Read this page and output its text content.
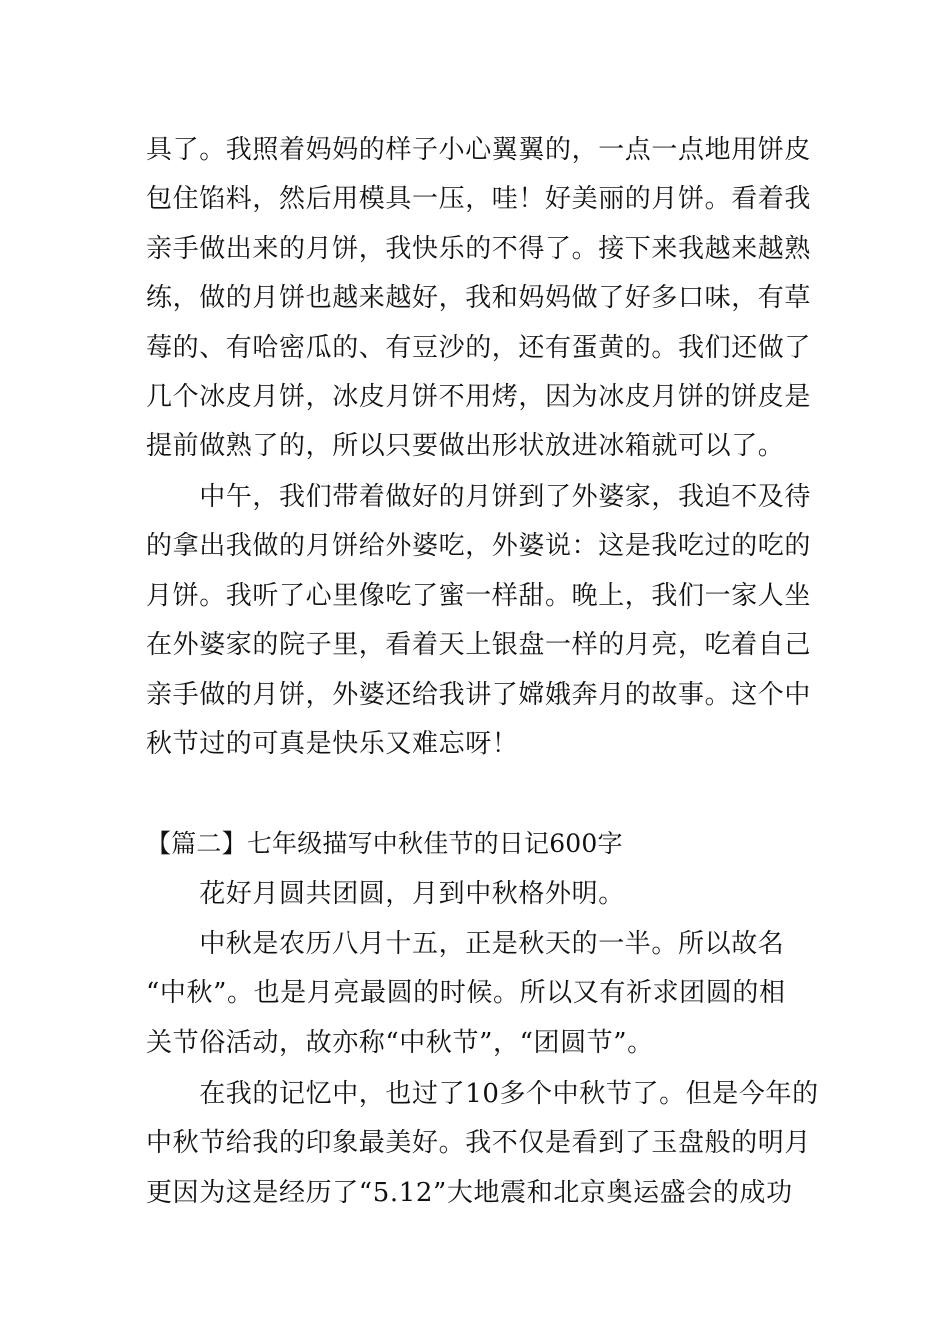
具了。我照着妈妈的样子小心翼翼的，一点一点地用饼皮
包住馅料，然后用模具一压，哇！好美丽的月饼。看着我
亲手做出来的月饼，我快乐的不得了。接下来我越来越熟
练，做的月饼也越来越好，我和妈妈做了好多口味，有草
莓的、有哈密瓜的、有豆沙的，还有蛋黄的。我们还做了
几个冰皮月饼，冰皮月饼不用烤，因为冰皮月饼的饼皮是
提前做熟了的，所以只要做出形状放进冰箱就可以了。
　　中午，我们带着做好的月饼到了外婆家，我迫不及待
的拿出我做的月饼给外婆吃，外婆说：这是我吃过的吃的
月饼。我听了心里像吃了蜜一样甜。晚上，我们一家人坐
在外婆家的院子里，看着天上银盘一样的月亮，吃着自己
亲手做的月饼，外婆还给我讲了嫦娥奔月的故事。这个中
秋节过的可真是快乐又难忘呀！
【篇二】七年级描写中秋佳节的日记600字
　　花好月圆共团圆，月到中秋格外明。
　　中秋是农历八月十五，正是秋天的一半。所以故名
“中秋”。也是月亮最圆的时候。所以又有祈求团圆的相
关节俗活动，故亦称“中秋节”，“团圆节”。
　　在我的记忆中，也过了10多个中秋节了。但是今年的
中秋节给我的印象最美好。我不仅是看到了玉盘般的明月
更因为这是经历了“5.12”大地震和北京奥运盛会的成功
